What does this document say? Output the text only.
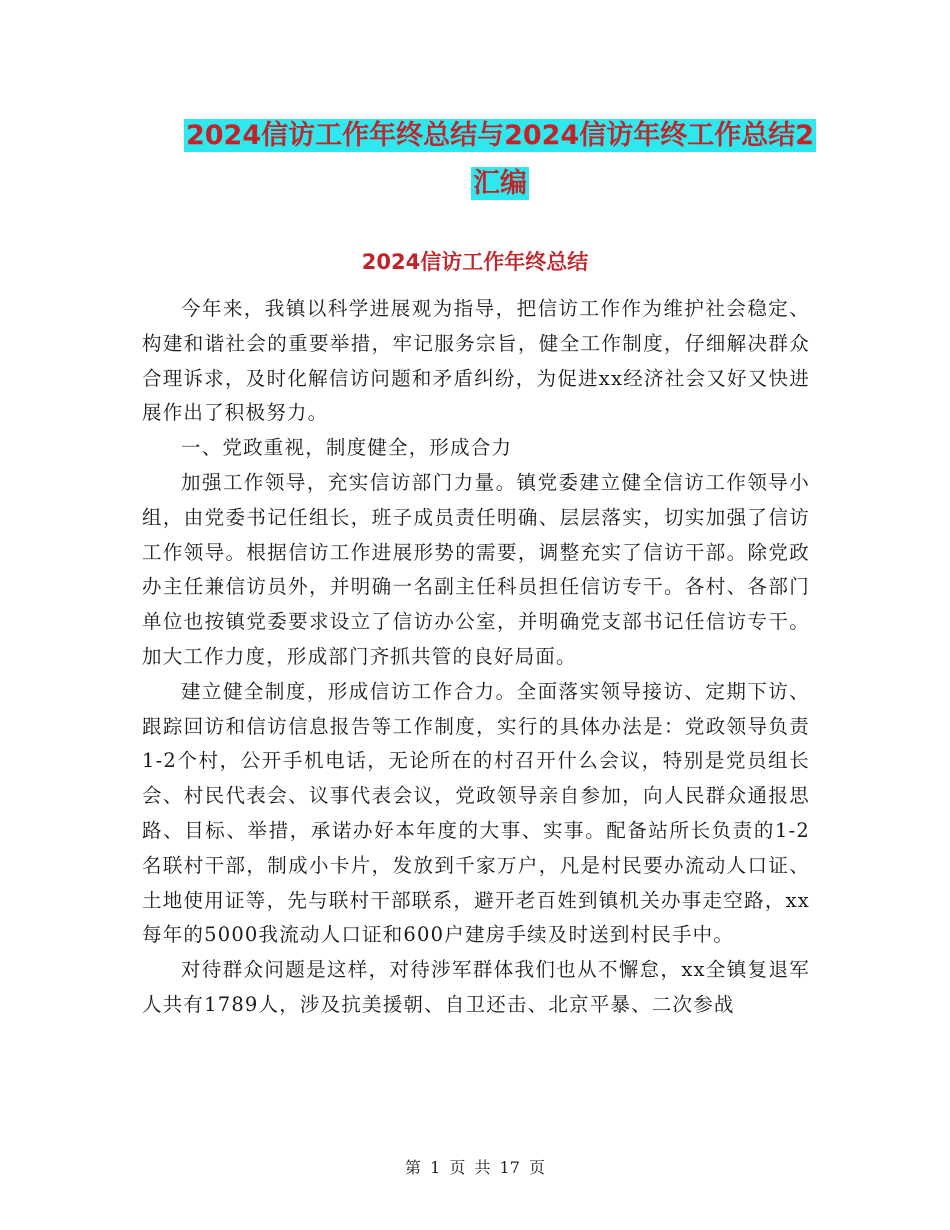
2024信访工作年终总结与2024信访年终工作总结2汇编
2024信访工作年终总结

今年来，我镇以科学进展观为指导，把信访工作作为维护社会稳定、构建和谐社会的重要举措，牢记服务宗旨，健全工作制度，仔细解决群众合理诉求，及时化解信访问题和矛盾纠纷，为促进xx经济社会又好又快进展作出了积极努力。

一、党政重视，制度健全，形成合力

加强工作领导，充实信访部门力量。镇党委建立健全信访工作领导小组，由党委书记任组长，班子成员责任明确、层层落实，切实加强了信访工作领导。根据信访工作进展形势的需要，调整充实了信访干部。除党政办主任兼信访员外，并明确一名副主任科员担任信访专干。各村、各部门单位也按镇党委要求设立了信访办公室，并明确党支部书记任信访专干。加大工作力度，形成部门齐抓共管的良好局面。

建立健全制度，形成信访工作合力。全面落实领导接访、定期下访、跟踪回访和信访信息报告等工作制度，实行的具体办法是：党政领导负责1-2个村，公开手机电话，无论所在的村召开什么会议，特别是党员组长会、村民代表会、议事代表会议，党政领导亲自参加，向人民群众通报思路、目标、举措，承诺办好本年度的大事、实事。配备站所长负责的1-2名联村干部，制成小卡片，发放到千家万户，凡是村民要办流动人口证、土地使用证等，先与联村干部联系，避开老百姓到镇机关办事走空路，xx每年的5000我流动人口证和600户建房手续及时送到村民手中。

对待群众问题是这样，对待涉军群体我们也从不懈怠，xx全镇复退军人共有1789人，涉及抗美援朝、自卫还击、北京平暴、二次参战

第 1 页 共 17 页
